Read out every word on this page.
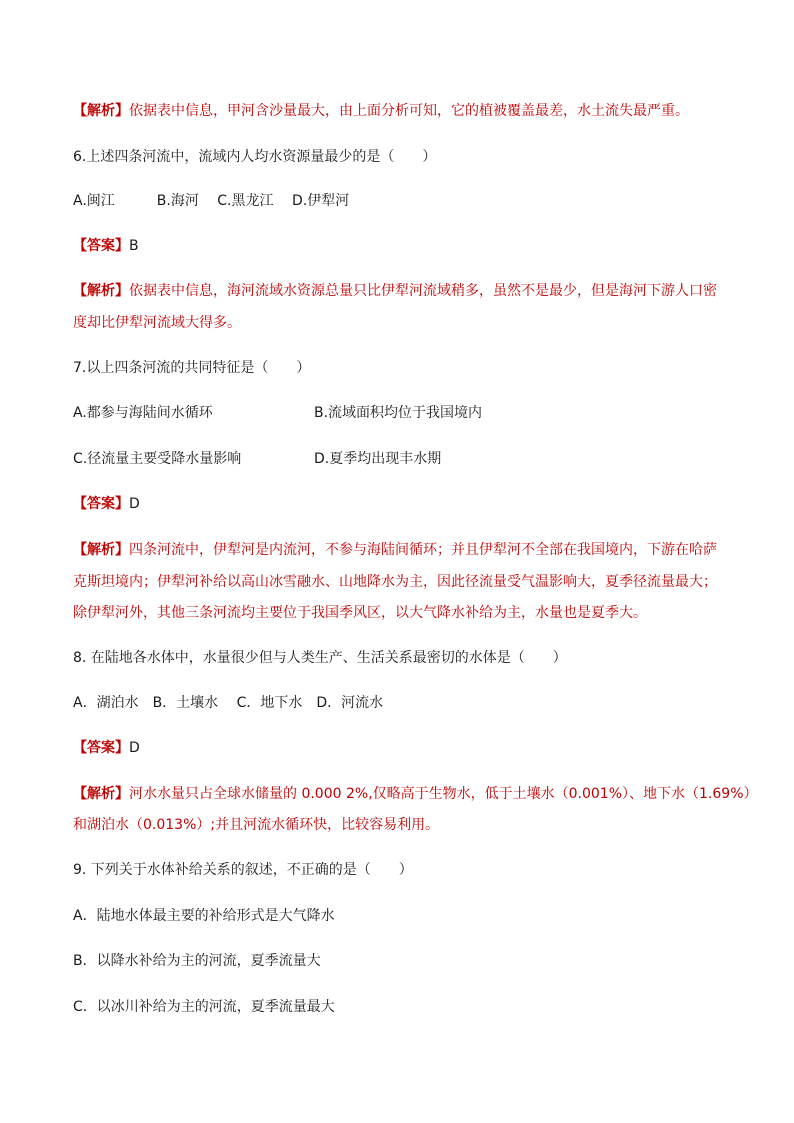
【解析】依据表中信息，甲河含沙量最大，由上面分析可知，它的植被覆盖最差，水土流失最严重。
6.上述四条河流中，流域内人均水资源量最少的是（　　）
A.闽江　　　B.海河　 C.黑龙江　 D.伊犁河
【答案】B
【解析】依据表中信息，海河流域水资源总量只比伊犁河流域稍多，虽然不是最少，但是海河下游人口密
度却比伊犁河流域大得多。
7.以上四条河流的共同特征是（　　）
A.都参与海陆间水循环	B.流域面积均位于我国境内
C.径流量主要受降水量影响	D.夏季均出现丰水期
【答案】D
【解析】四条河流中，伊犁河是内流河，不参与海陆间循环；并且伊犁河不全部在我国境内，下游在哈萨
克斯坦境内；伊犁河补给以高山冰雪融水、山地降水为主，因此径流量受气温影响大，夏季径流量最大；
除伊犁河外，其他三条河流均主要位于我国季风区，以大气降水补给为主，水量也是夏季大。
8. 在陆地各水体中，水量很少但与人类生产、生活关系最密切的水体是（　　）
A．湖泊水　B．土壤水　 C．地下水　D．河流水
【答案】D
【解析】河水水量只占全球水储量的 0.000 2%,仅略高于生物水，低于土壤水（0.001%）、地下水（1.69%）
和湖泊水（0.013%）;并且河流水循环快，比较容易利用。
9. 下列关于水体补给关系的叙述，不正确的是（　　）
A．陆地水体最主要的补给形式是大气降水
B．以降水补给为主的河流，夏季流量大
C．以冰川补给为主的河流，夏季流量最大
